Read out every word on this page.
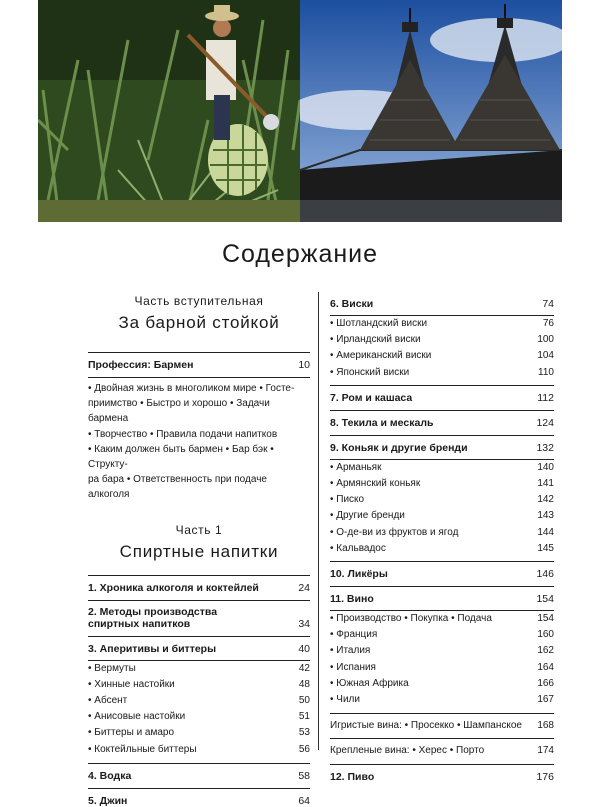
Содержание
Часть вступительная
За барной стойкой
Профессия: Бармен	10
• Двойная жизнь в многоликом мире • Госте-
приимство • Быстро и хорошо • Задачи бармена
• Творчество • Правила подачи напитков
• Каким должен быть бармен • Бар бэк • Структу-
ра бара • Ответственность при подаче алкоголя
Часть 1
Спиртные напитки
1. Хроника алкоголя и коктейлей	24
2. Методы производства
спиртных напитков	34
3. Аперитивы и биттеры	40
• Вермуты	42
• Хинные настойки	48
• Абсент	50
• Анисовые настойки	51
• Биттеры и амаро	53
• Коктейльные биттеры	56
4. Водка	58
5. Джин	64
6. Виски	74
• Шотландский виски	76
• Ирландский виски	100
• Американский виски	104
• Японский виски	110
7. Ром и кашаса	112
8. Текила и мескаль	124
9. Коньяк и другие бренди	132
• Арманьяк	140
• Армянский коньяк	141
• Писко	142
• Другие бренди	143
• О-де-ви из фруктов и ягод	144
• Кальвадос	145
10. Ликёры	146
11. Вино	154
• Производство • Покупка • Подача	154
• Франция	160
• Италия	162
• Испания	164
• Южная Африка	166
• Чили	167
Игристые вина: • Просекко • Шампанское 168
Крепленые вина: • Херес • Порто	174
12. Пиво	176
